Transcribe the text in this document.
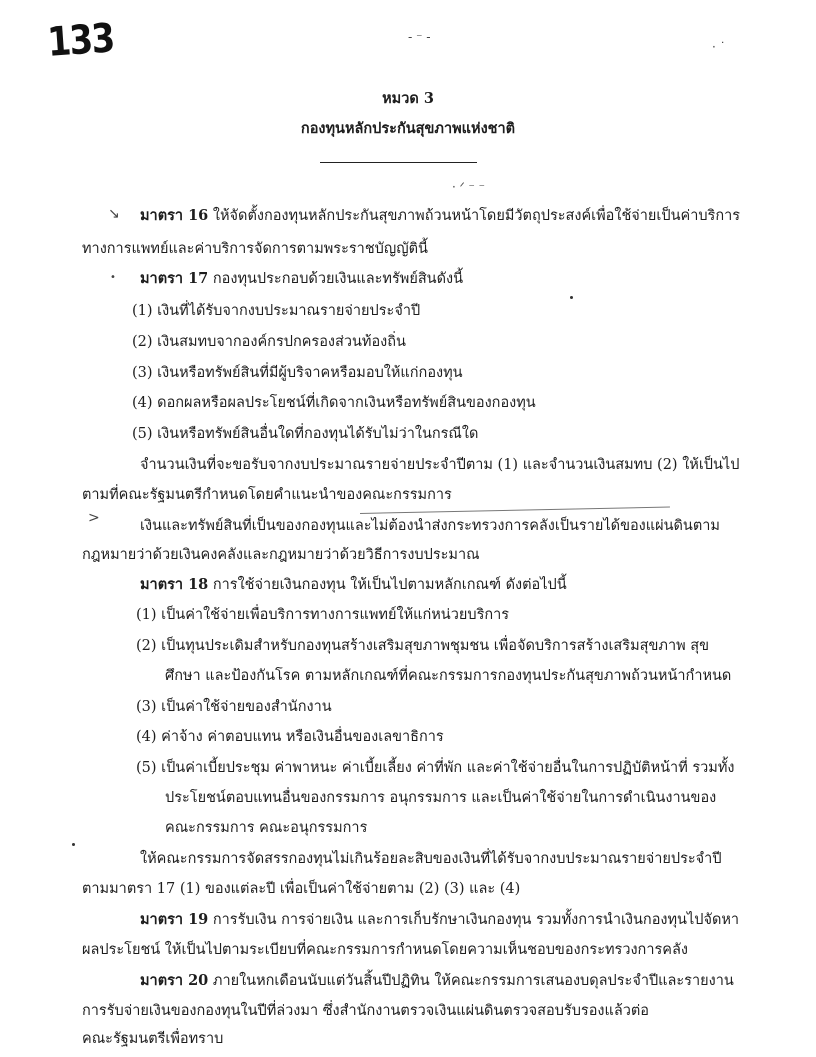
133	- ⁻ -
· ˙
· ᐟ ⁻ ⁻
หมวด 3
กองทุนหลักประกันสุขภาพแห่งชาติ
↘
•
>
มาตรา 16 ให้จัดตั้งกองทุนหลักประกันสุขภาพถ้วนหน้าโดยมีวัตถุประสงค์เพื่อใช้จ่ายเป็นค่าบริการ
ทางการแพทย์และค่าบริการจัดการตามพระราชบัญญัตินี้
มาตรา 17 กองทุนประกอบด้วยเงินและทรัพย์สินดังนี้
(1) เงินที่ได้รับจากงบประมาณรายจ่ายประจำปี
(2) เงินสมทบจากองค์กรปกครองส่วนท้องถิ่น
(3) เงินหรือทรัพย์สินที่มีผู้บริจาคหรือมอบให้แก่กองทุน
(4) ดอกผลหรือผลประโยชน์ที่เกิดจากเงินหรือทรัพย์สินของกองทุน
(5) เงินหรือทรัพย์สินอื่นใดที่กองทุนได้รับไม่ว่าในกรณีใด
จำนวนเงินที่จะขอรับจากงบประมาณรายจ่ายประจำปีตาม (1) และจำนวนเงินสมทบ (2) ให้เป็นไป
ตามที่คณะรัฐมนตรีกำหนดโดยคำแนะนำของคณะกรรมการ
เงินและทรัพย์สินที่เป็นของกองทุนและไม่ต้องนำส่งกระทรวงการคลังเป็นรายได้ของแผ่นดินตาม
กฎหมายว่าด้วยเงินคงคลังและกฎหมายว่าด้วยวิธีการงบประมาณ
มาตรา 18 การใช้จ่ายเงินกองทุน ให้เป็นไปตามหลักเกณฑ์ ดังต่อไปนี้
(1) เป็นค่าใช้จ่ายเพื่อบริการทางการแพทย์ให้แก่หน่วยบริการ
(2) เป็นทุนประเดิมสำหรับกองทุนสร้างเสริมสุขภาพชุมชน เพื่อจัดบริการสร้างเสริมสุขภาพ สุข
ศึกษา และป้องกันโรค ตามหลักเกณฑ์ที่คณะกรรมการกองทุนประกันสุขภาพถ้วนหน้ากำหนด
(3) เป็นค่าใช้จ่ายของสำนักงาน
(4) ค่าจ้าง ค่าตอบแทน หรือเงินอื่นของเลขาธิการ
(5) เป็นค่าเบี้ยประชุม ค่าพาหนะ ค่าเบี้ยเลี้ยง ค่าที่พัก และค่าใช้จ่ายอื่นในการปฏิบัติหน้าที่ รวมทั้ง
ประโยชน์ตอบแทนอื่นของกรรมการ อนุกรรมการ และเป็นค่าใช้จ่ายในการดำเนินงานของ
คณะกรรมการ คณะอนุกรรมการ
ให้คณะกรรมการจัดสรรกองทุนไม่เกินร้อยละสิบของเงินที่ได้รับจากงบประมาณรายจ่ายประจำปี
ตามมาตรา 17 (1) ของแต่ละปี เพื่อเป็นค่าใช้จ่ายตาม (2) (3) และ (4)
มาตรา 19 การรับเงิน การจ่ายเงิน และการเก็บรักษาเงินกองทุน รวมทั้งการนำเงินกองทุนไปจัดหา
ผลประโยชน์ ให้เป็นไปตามระเบียบที่คณะกรรมการกำหนดโดยความเห็นชอบของกระทรวงการคลัง
มาตรา 20 ภายในหกเดือนนับแต่วันสิ้นปีปฏิทิน ให้คณะกรรมการเสนองบดุลประจำปีและรายงาน
การรับจ่ายเงินของกองทุนในปีที่ล่วงมา ซึ่งสำนักงานตรวจเงินแผ่นดินตรวจสอบรับรองแล้วต่อ
คณะรัฐมนตรีเพื่อทราบ
